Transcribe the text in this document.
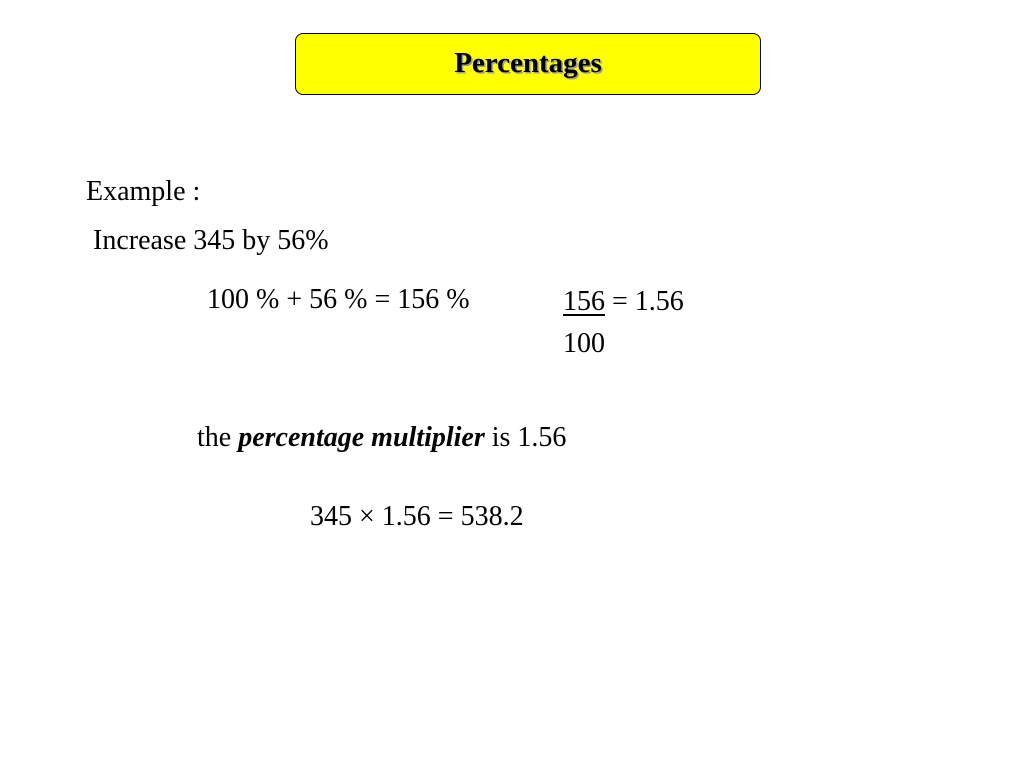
Percentages
Example :
Increase 345 by 56%
100 % + 56 % = 156 %	156 = 1.56
100
the percentage multiplier is 1.56
345 × 1.56 = 538.2
